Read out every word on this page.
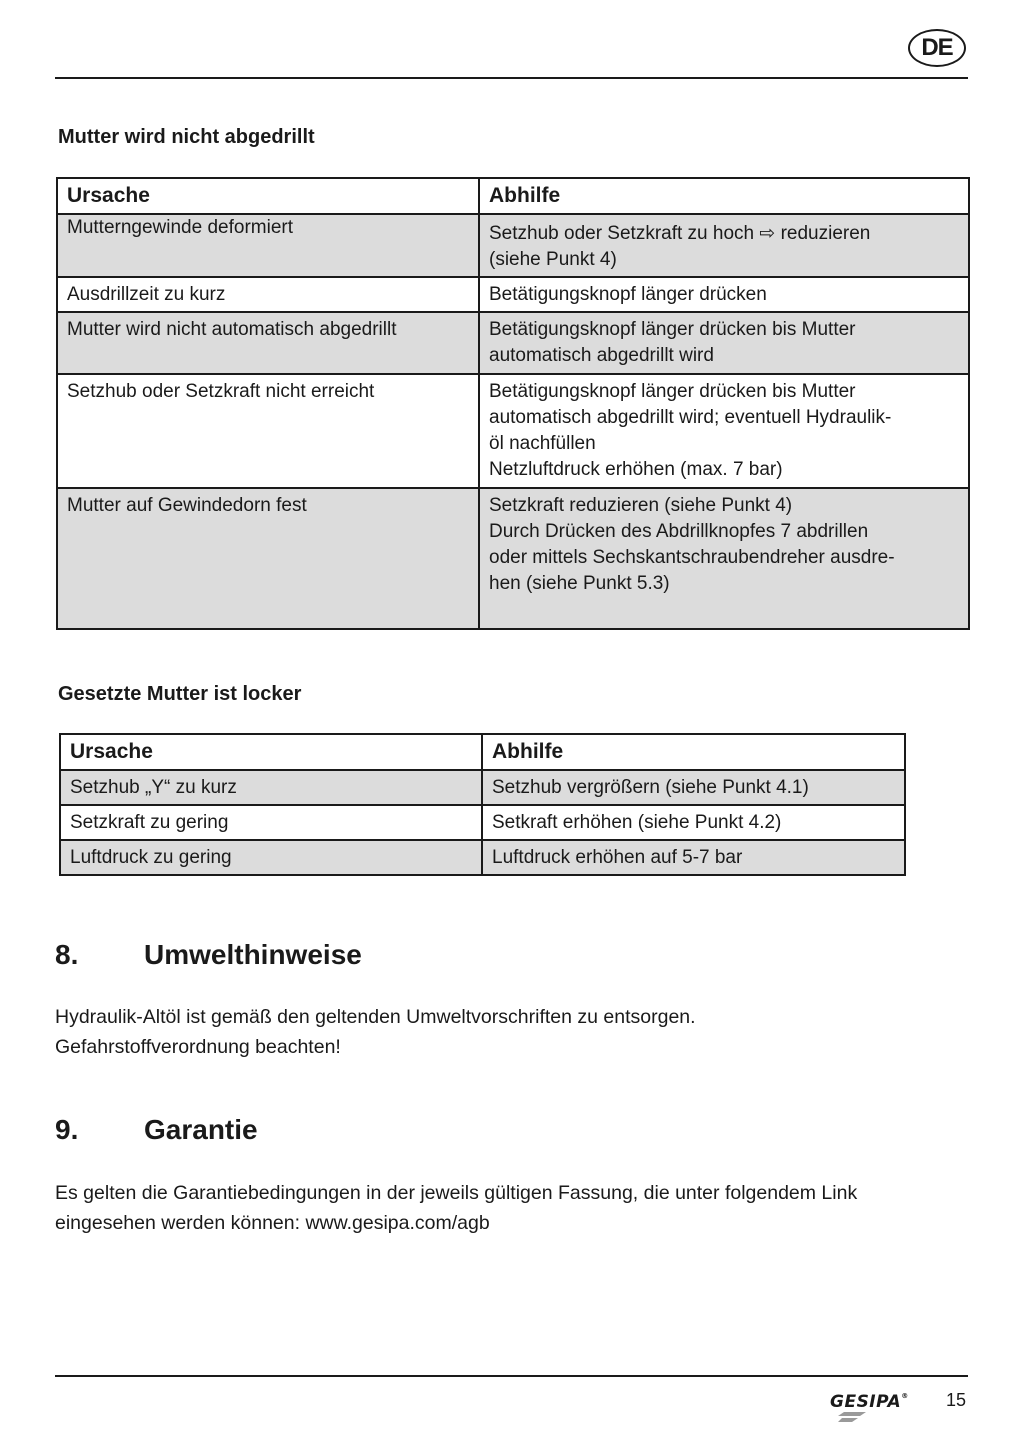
DE
Mutter wird nicht abgedrillt
Ursache	Abhilfe

Mutterngewinde deformiert	Setzhub oder Setzkraft zu hoch ⇨ reduzieren
(siehe Punkt 4)

Ausdrillzeit zu kurz	Betätigungsknopf länger drücken

Mutter wird nicht automatisch abgedrillt	Betätigungsknopf länger drücken bis Mutter
automatisch abgedrillt wird

Setzhub oder Setzkraft nicht erreicht	Betätigungsknopf länger drücken bis Mutter
automatisch abgedrillt wird; eventuell Hydraulik-
öl nachfüllen
Netzluftdruck erhöhen (max. 7 bar)

Mutter auf Gewindedorn fest	Setzkraft reduzieren (siehe Punkt 4)
Durch Drücken des Abdrillknopfes 7 abdrillen
oder mittels Sechskantschraubendreher ausdre-
hen (siehe Punkt 5.3)
Gesetzte Mutter ist locker
Ursache	Abhilfe
Setzhub „Y“ zu kurz	Setzhub vergrößern (siehe Punkt 4.1)
Setzkraft zu gering	Setkraft erhöhen (siehe Punkt 4.2)
Luftdruck zu gering	Luftdruck erhöhen auf 5-7 bar
8. Umwelthinweise

Hydraulik-Altöl ist gemäß den geltenden Umweltvorschriften zu entsorgen.
Gefahrstoffverordnung beachten!

9. Garantie

Es gelten die Garantiebedingungen in der jeweils gültigen Fassung, die unter folgendem Link
eingesehen werden können: www.gesipa.com/agb

GESIPA® 15
